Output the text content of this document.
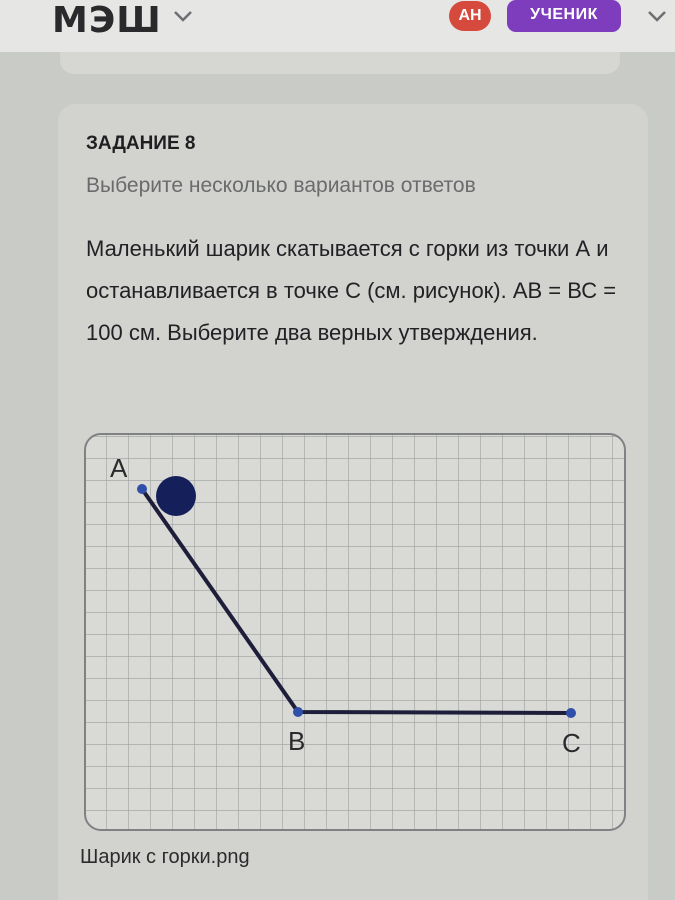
МЭШ	АН	УЧЕНИК
ЗАДАНИЕ 8
Выберите несколько вариантов ответов
Маленький шарик скатывается с горки из точки А и останавливается в точке С (см. рисунок). АВ = ВС = 100 см. Выберите два верных утверждения.
A
B	C
Шарик с горки.png
